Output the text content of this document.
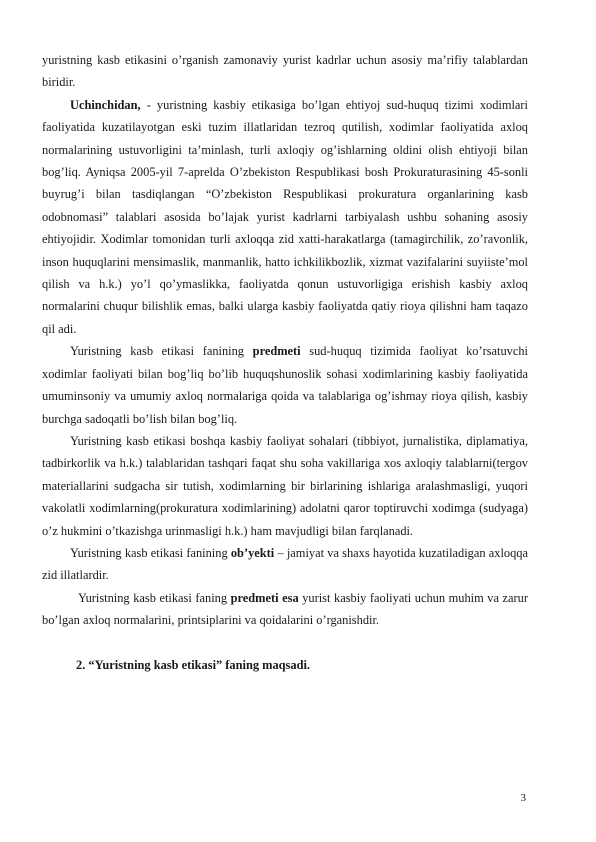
yuristning kasb etikasini o’rganish zamonaviy yurist kadrlar uchun asosiy ma’rifiy talablardan biridir.

Uchinchidan, - yuristning kasbiy etikasiga bo’lgan ehtiyoj sud-huquq tizimi xodimlari faoliyatida kuzatilayotgan eski tuzim illatlaridan tezroq qutilish, xodimlar faoliyatida axloq normalarining ustuvorligini ta’minlash, turli axloqiy og’ishlarning oldini olish ehtiyoji bilan bog’liq. Ayniqsa 2005-yil 7-aprelda O’zbekiston Respublikasi bosh Prokuraturasining 45-sonli buyrug’i bilan tasdiqlangan “O’zbekiston Respublikasi prokuratura organlarining kasb odobnomasi” talablari asosida bo’lajak yurist kadrlarni tarbiyalash ushbu sohaning asosiy ehtiyojidir. Xodimlar tomonidan turli axloqqa zid xatti-harakatlarga (tamagirchilik, zo’ravonlik, inson huquqlarini mensimaslik, manmanlik, hatto ichkilikbozlik, xizmat vazifalarini suyiiste’mol qilish va h.k.) yo’l qo’ymaslikka, faoliyatda qonun ustuvorligiga erishish kasbiy axloq normalarini chuqur bilishlik emas, balki ularga kasbiy faoliyatda qatiy rioya qilishni ham taqazo qil adi.

Yuristning kasb etikasi fanining predmeti sud-huquq tizimida faoliyat ko’rsatuvchi xodimlar faoliyati bilan bog’liq bo’lib huquqshunoslik sohasi xodimlarining kasbiy faoliyatida umuminsoniy va umumiy axloq normalariga qoida va talablariga og’ishmay rioya qilish, kasbiy burchga sadoqatli bo’lish bilan bog’liq.

Yuristning kasb etikasi boshqa kasbiy faoliyat sohalari (tibbiyot, jurnalistika, diplamatiya, tadbirkorlik va h.k.) talablaridan tashqari faqat shu soha vakillariga xos axloqiy talablarni(tergov materiallarini sudgacha sir tutish, xodimlarning bir birlarining ishlariga aralashmasligi, yuqori vakolatli xodimlarning(prokuratura xodimlarining) adolatni qaror toptiruvchi xodimga (sudyaga) o’z hukmini o’tkazishga urinmasligi h.k.) ham mavjudligi bilan farqlanadi.

Yuristning kasb etikasi fanining ob’yekti – jamiyat va shaxs hayotida kuzatiladigan axloqqa zid illatlardir.

Yuristning kasb etikasi faning predmeti esa yurist kasbiy faoliyati uchun muhim va zarur bo’lgan axloq normalarini, printsiplarini va qoidalarini o’rganishdir.

2. “Yuristning kasb etikasi” faning maqsadi.

3
